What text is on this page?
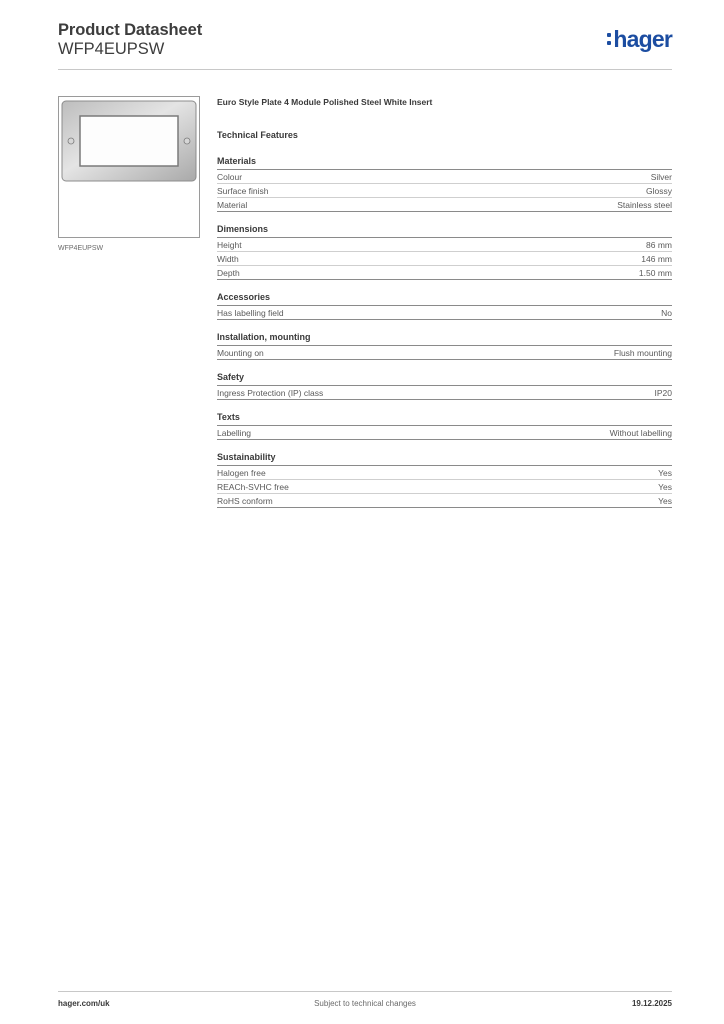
Product Datasheet
WFP4EUPSW	hager
WFP4EUPSW
Euro Style Plate 4 Module Polished Steel White Insert
Technical Features
Materials
Colour	Silver
Surface finish	Glossy
Material	Stainless steel
Dimensions
Height	86 mm
Width	146 mm
Depth	1.50 mm
Accessories
Has labelling field	No
Installation, mounting
Mounting on	Flush mounting
Safety
Ingress Protection (IP) class	IP20
Texts
Labelling	Without labelling
Sustainability
Halogen free	Yes
REACh-SVHC free	Yes
RoHS conform	Yes
hager.com/uk	Subject to technical changes	19.12.2025
